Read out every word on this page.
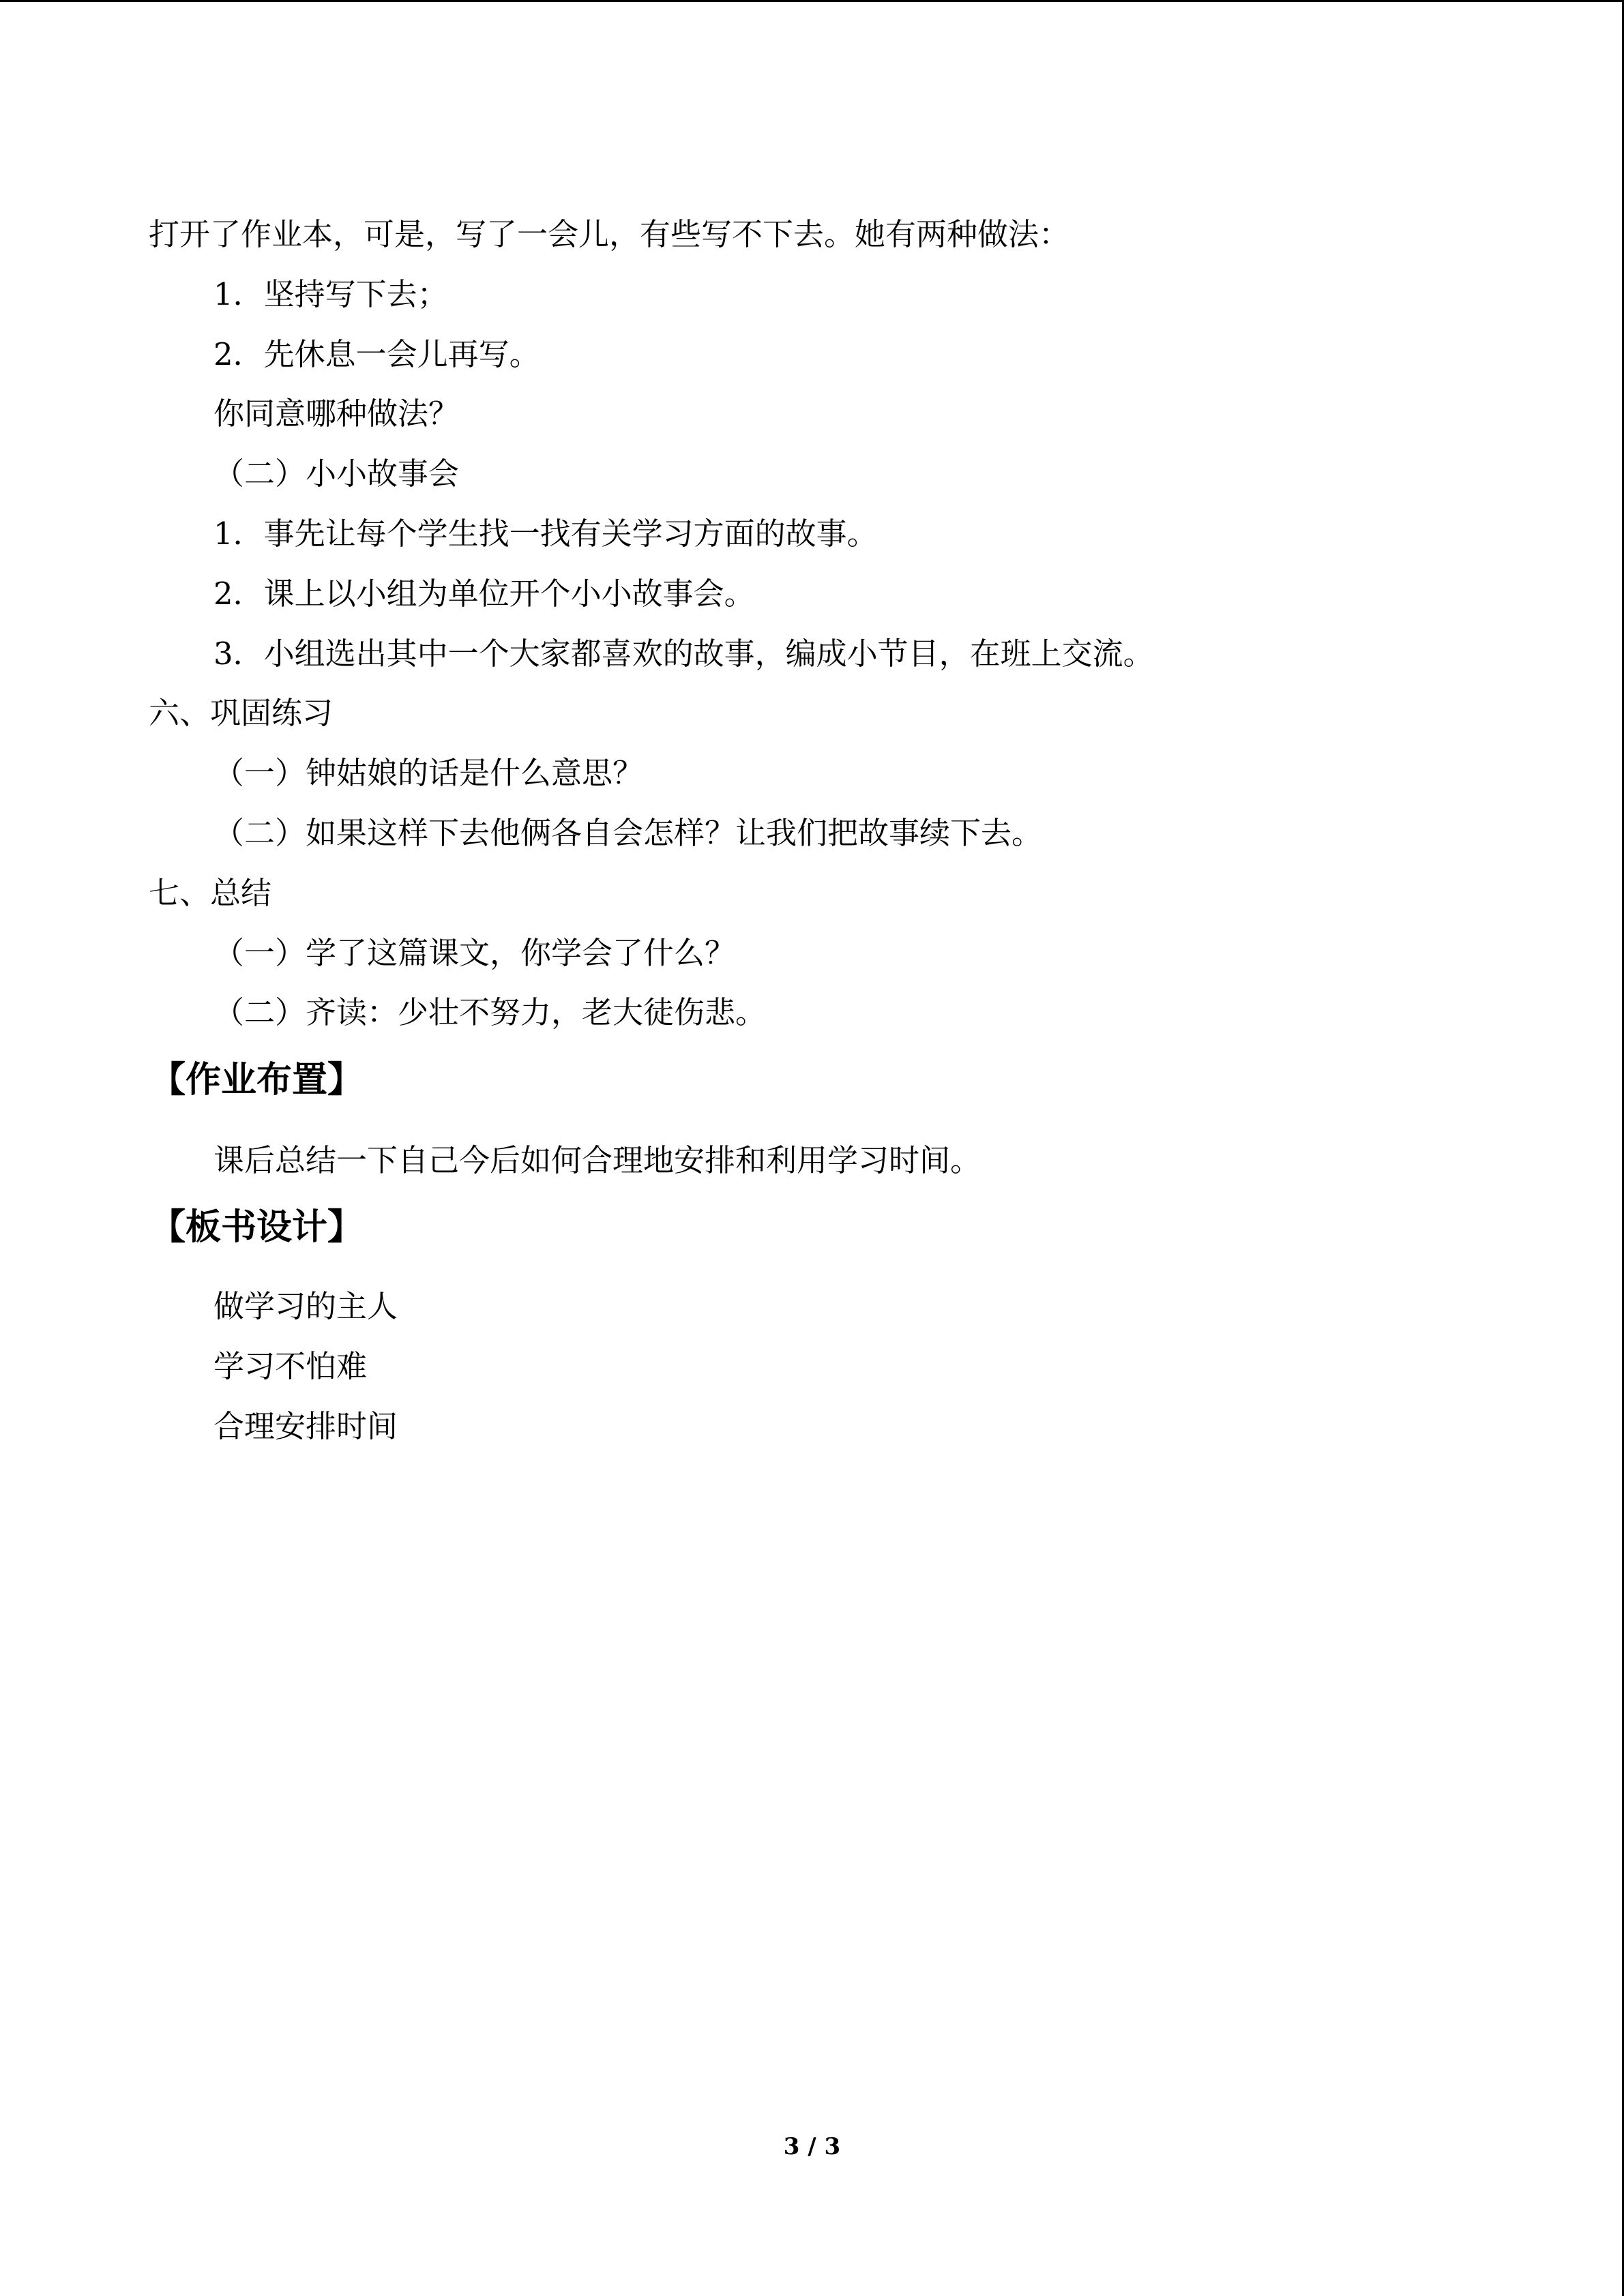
打开了作业本，可是，写了一会儿，有些写不下去。她有两种做法：
1．坚持写下去；
2．先休息一会儿再写。
你同意哪种做法？
（二）小小故事会
1．事先让每个学生找一找有关学习方面的故事。
2．课上以小组为单位开个小小故事会。
3．小组选出其中一个大家都喜欢的故事，编成小节目，在班上交流。
六、巩固练习
（一）钟姑娘的话是什么意思？
（二）如果这样下去他俩各自会怎样？让我们把故事续下去。
七、总结
（一）学了这篇课文，你学会了什么？
（二）齐读：少壮不努力，老大徒伤悲。
【作业布置】
课后总结一下自己今后如何合理地安排和利用学习时间。
【板书设计】
做学习的主人
学习不怕难
合理安排时间
3 / 3
